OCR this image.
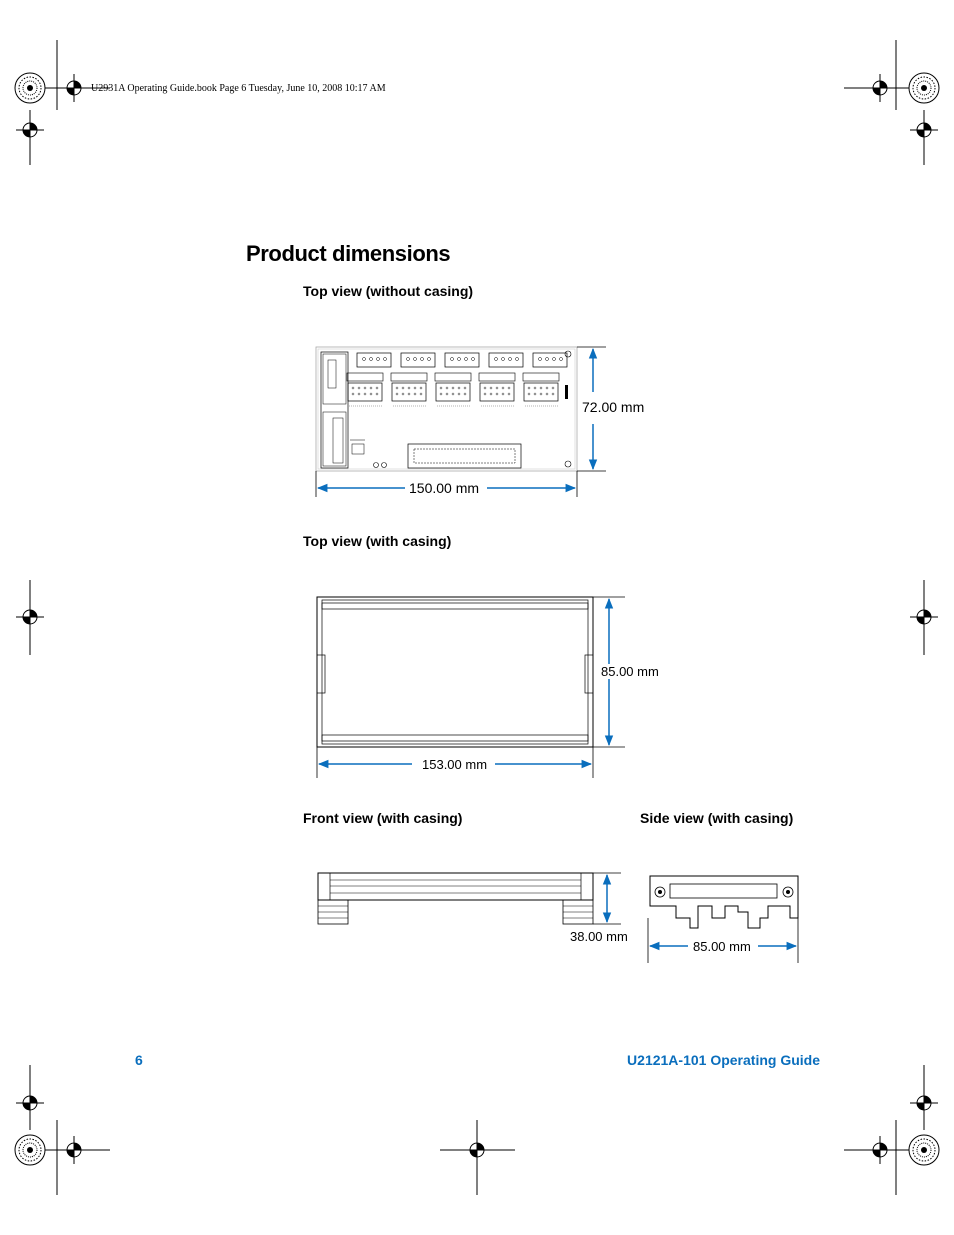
U2931A Operating Guide.book Page 6 Tuesday, June 10, 2008 10:17 AM
Product dimensions
Top view (without casing)
Top view (with casing)
Front view (with casing)	Side view (with casing)
72.00 mm
150.00 mm
85.00 mm
153.00 mm
38.00 mm
85.00 mm
6	U2121A-101 Operating Guide
